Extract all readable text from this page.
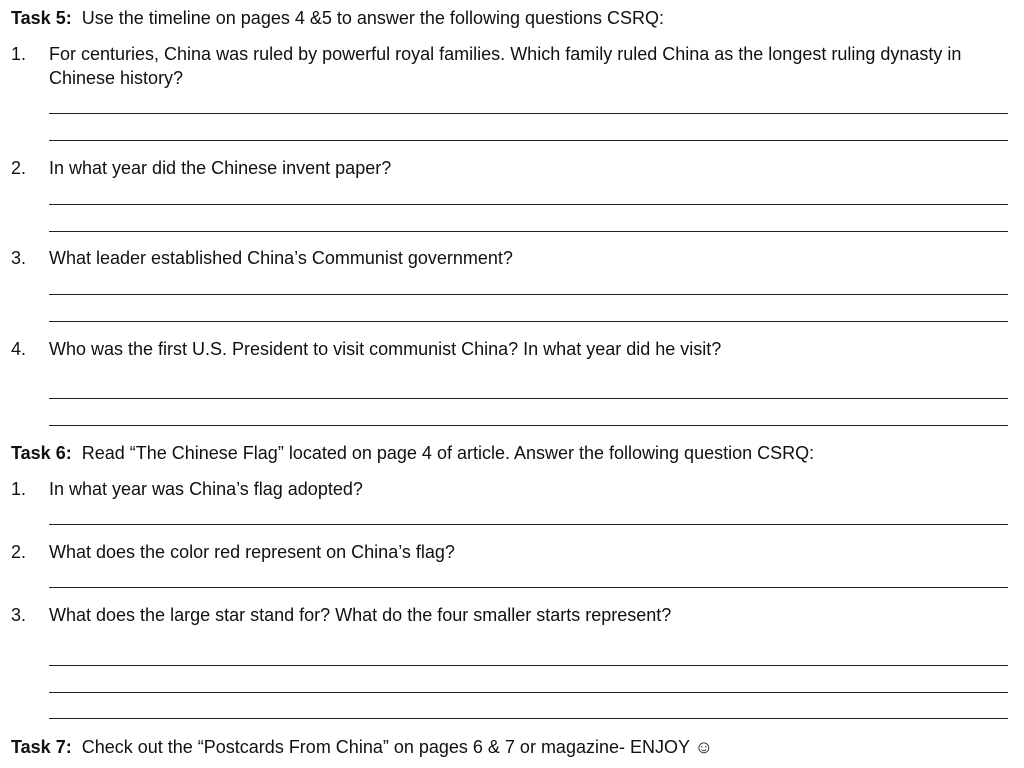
Task 5: Use the timeline on pages 4 &5 to answer the following questions CSRQ:
1. For centuries, China was ruled by powerful royal families. Which family ruled China as the longest ruling dynasty in Chinese history?
2. In what year did the Chinese invent paper?
3. What leader established China’s Communist government?
4. Who was the first U.S. President to visit communist China? In what year did he visit?
Task 6: Read “The Chinese Flag” located on page 4 of article. Answer the following question CSRQ:
1. In what year was China’s flag adopted?
2. What does the color red represent on China’s flag?
3. What does the large star stand for? What do the four smaller starts represent?
Task 7: Check out the “Postcards From China” on pages 6 & 7 or magazine- ENJOY ☺
